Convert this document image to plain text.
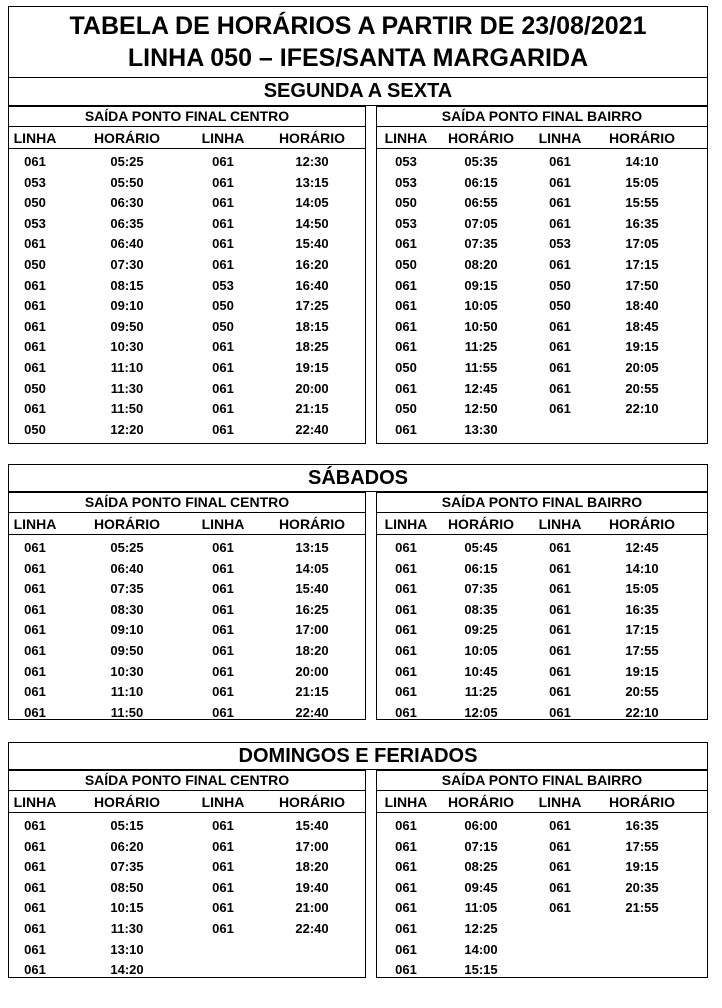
TABELA DE HORÁRIOS A PARTIR DE 23/08/2021
LINHA 050 – IFES/SANTA MARGARIDA
SEGUNDA A SEXTA
SAÍDA PONTO FINAL CENTRO
LINHA	HORÁRIO	LINHA HORÁRIO
061	05:25	061	12:30
053	05:50	061	13:15
050	06:30	061	14:05
053	06:35	061	14:50
061	06:40	061	15:40
050	07:30	061	16:20
061	08:15	053	16:40
061	09:10	050	17:25
061	09:50	050	18:15
061	10:30	061	18:25
061	11:10	061	19:15
050	11:30	061	20:00
061	11:50	061	21:15
050	12:20	061	22:40
SAÍDA PONTO FINAL BAIRRO
LINHA HORÁRIO LINHA HORÁRIO
053	05:35	061	14:10
053	06:15	061	15:05
050	06:55	061	15:55
053	07:05	061	16:35
061	07:35	053	17:05
050	08:20	061	17:15
061	09:15	050	17:50
061	10:05	050	18:40
061	10:50	061	18:45
061	11:25	061	19:15
050	11:55	061	20:05
061	12:45	061	20:55
050	12:50	061	22:10
061	13:30
SÁBADOS
SAÍDA PONTO FINAL CENTRO
LINHA	HORÁRIO	LINHA HORÁRIO
061	05:25	061	13:15
061	06:40	061	14:05
061	07:35	061	15:40
061	08:30	061	16:25
061	09:10	061	17:00
061	09:50	061	18:20
061	10:30	061	20:00
061	11:10	061	21:15
061	11:50	061	22:40
SAÍDA PONTO FINAL BAIRRO
LINHA HORÁRIO LINHA HORÁRIO
061	05:45	061	12:45
061	06:15	061	14:10
061	07:35	061	15:05
061	08:35	061	16:35
061	09:25	061	17:15
061	10:05	061	17:55
061	10:45	061	19:15
061	11:25	061	20:55
061	12:05	061	22:10
DOMINGOS E FERIADOS
SAÍDA PONTO FINAL CENTRO
LINHA	HORÁRIO	LINHA HORÁRIO
061	05:15	061	15:40
061	06:20	061	17:00
061	07:35	061	18:20
061	08:50	061	19:40
061	10:15	061	21:00
061	11:30	061	22:40
061	13:10
061	14:20
SAÍDA PONTO FINAL BAIRRO
LINHA HORÁRIO LINHA HORÁRIO
061	06:00	061	16:35
061	07:15	061	17:55
061	08:25	061	19:15
061	09:45	061	20:35
061	11:05	061	21:55
061	12:25
061	14:00
061	15:15
